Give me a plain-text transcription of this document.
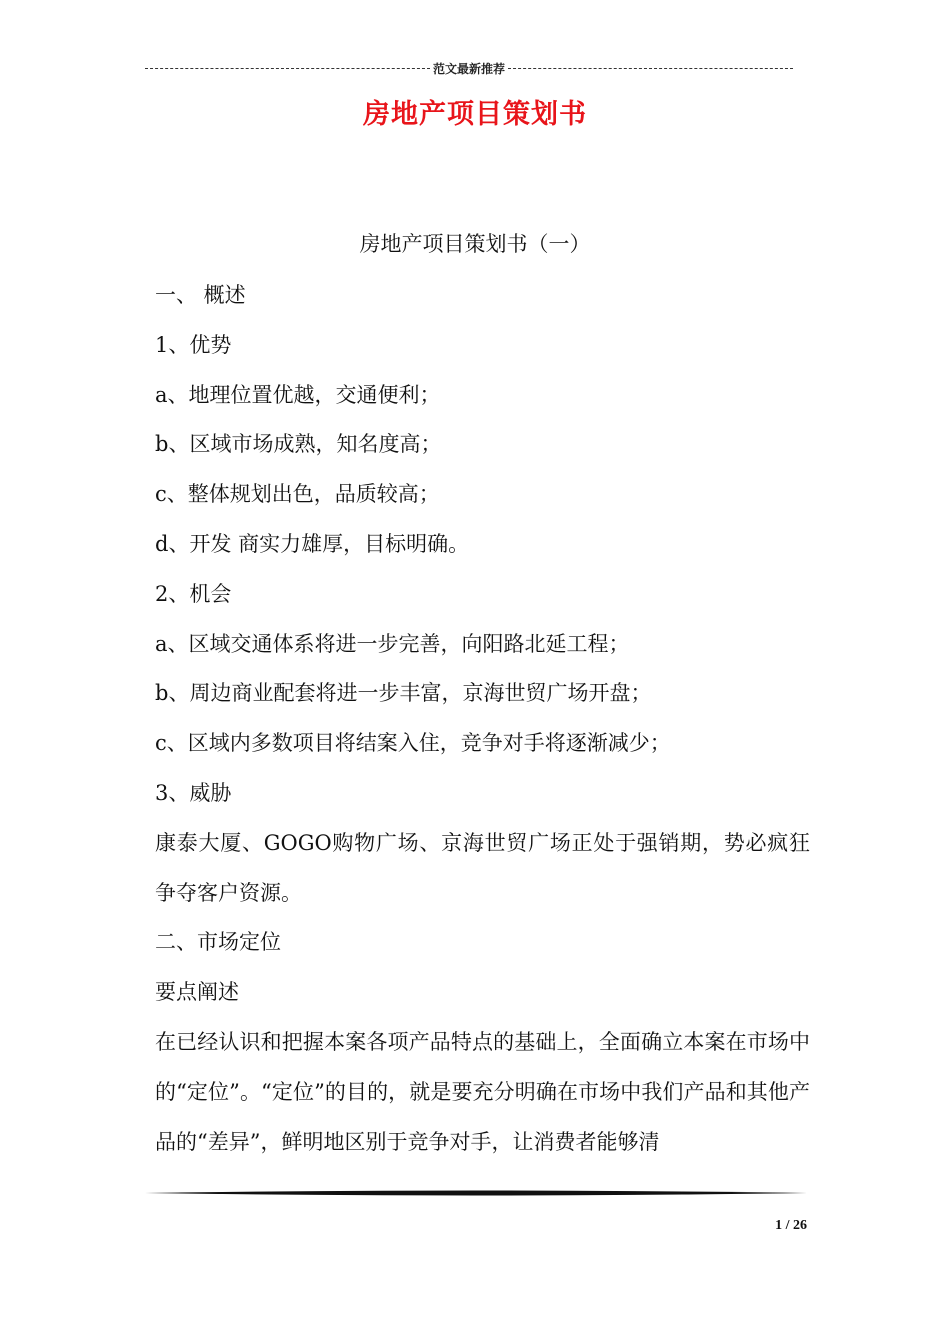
范文最新推荐
房地产项目策划书
房地产项目策划书（一）

一、 概述

1、优势

a、地理位置优越，交通便利；

b、区域市场成熟，知名度高；

c、整体规划出色，品质较高；

d、开发 商实力雄厚，目标明确。

2、机会

a、区域交通体系将进一步完善，向阳路北延工程；

b、周边商业配套将进一步丰富，京海世贸广场开盘；

c、区域内多数项目将结案入住，竞争对手将逐渐减少；

3、威胁

康泰大厦、GOGO购物广场、京海世贸广场正处于强销期，势必疯狂争夺客户资源。

二、市场定位

要点阐述

在已经认识和把握本案各项产品特点的基础上，全面确立本案在市场中的“定位”。“定位”的目的，就是要充分明确在市场中我们产品和其他产品的“差异”，鲜明地区别于竞争对手，让消费者能够清

1 / 26
